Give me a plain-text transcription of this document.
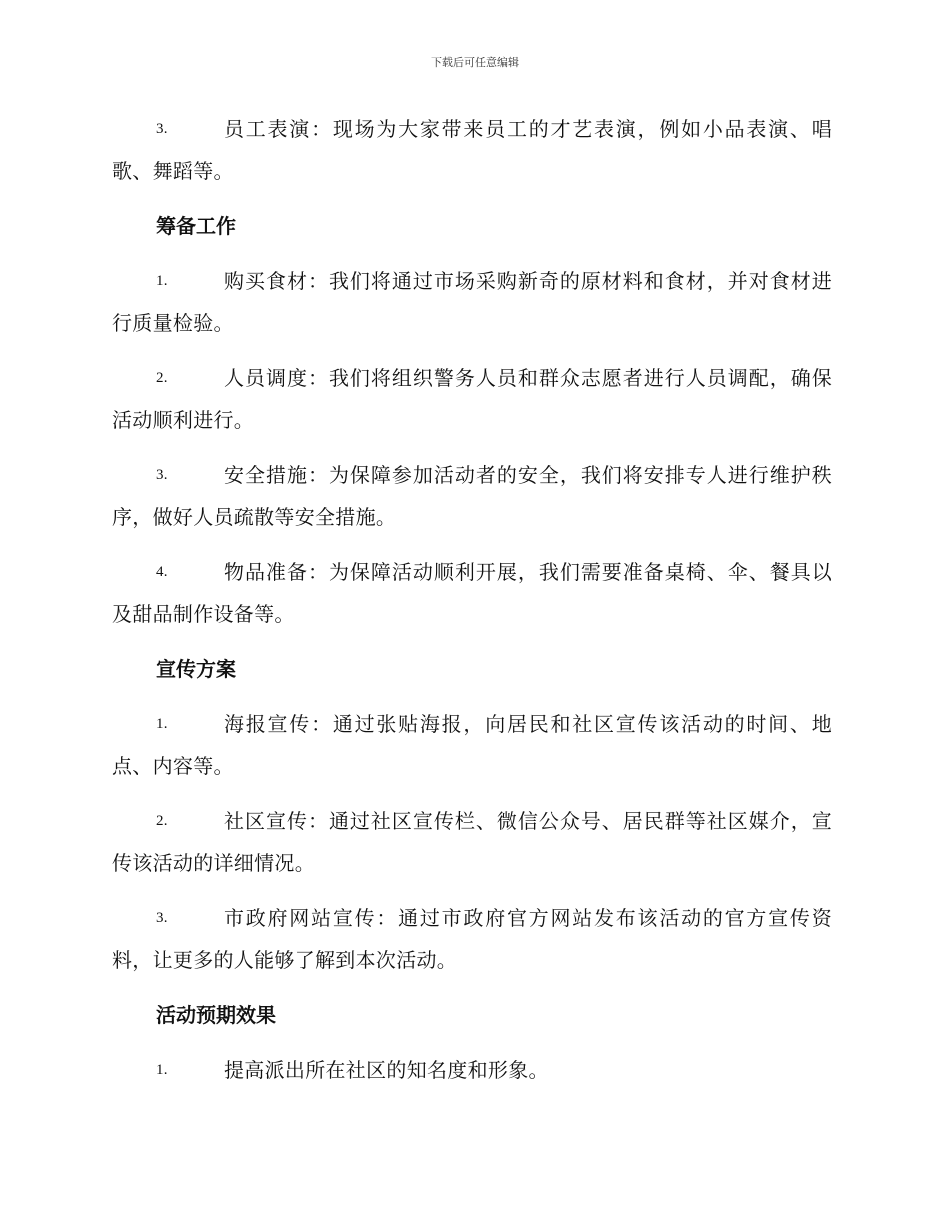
下载后可任意编辑
3.	员工表演：现场为大家带来员工的才艺表演，例如小品表演、唱歌、舞蹈等。
筹备工作
1.	购买食材：我们将通过市场采购新奇的原材料和食材，并对食材进行质量检验。
2.	人员调度：我们将组织警务人员和群众志愿者进行人员调配，确保活动顺利进行。
3.	安全措施：为保障参加活动者的安全，我们将安排专人进行维护秩序，做好人员疏散等安全措施。
4.	物品准备：为保障活动顺利开展，我们需要准备桌椅、伞、餐具以及甜品制作设备等。
宣传方案
1.	海报宣传：通过张贴海报，向居民和社区宣传该活动的时间、地点、内容等。
2.	社区宣传：通过社区宣传栏、微信公众号、居民群等社区媒介，宣传该活动的详细情况。
3.	市政府网站宣传：通过市政府官方网站发布该活动的官方宣传资料，让更多的人能够了解到本次活动。
活动预期效果
1.	提高派出所在社区的知名度和形象。
